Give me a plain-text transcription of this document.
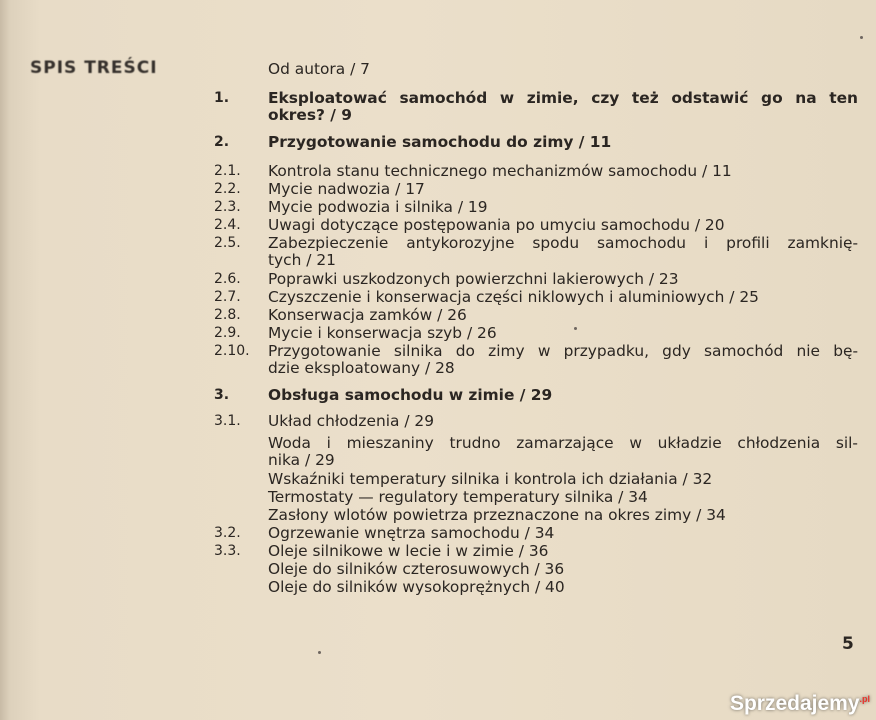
SPIS TREŚCI	Od autora / 7
1.	Eksploatować samochód w zimie, czy też odstawić go na ten
okres? / 9
2.	Przygotowanie samochodu do zimy / 11
2.1.	Kontrola stanu technicznego mechanizmów samochodu / 11
2.2.	Mycie nadwozia / 17
2.3.	Mycie podwozia i silnika / 19
2.4.	Uwagi dotyczące postępowania po umyciu samochodu / 20
2.5.	Zabezpieczenie antykorozyjne spodu samochodu i profili zamknię-
tych / 21
2.6.	Poprawki uszkodzonych powierzchni lakierowych / 23
2.7.	Czyszczenie i konserwacja części niklowych i aluminiowych / 25
2.8.	Konserwacja zamków / 26
2.9.	Mycie i konserwacja szyb / 26
2.10.	Przygotowanie silnika do zimy w przypadku, gdy samochód nie bę-
dzie eksploatowany / 28
3.	Obsługa samochodu w zimie / 29
3.1.	Układ chłodzenia / 29
Woda i mieszaniny trudno zamarzające w układzie chłodzenia sil-
nika / 29
Wskaźniki temperatury silnika i kontrola ich działania / 32
Termostaty — regulatory temperatury silnika / 34
Zasłony wlotów powietrza przeznaczone na okres zimy / 34
3.2.	Ogrzewanie wnętrza samochodu / 34
3.3.	Oleje silnikowe w lecie i w zimie / 36
Oleje do silników czterosuwowych / 36
Oleje do silników wysokoprężnych / 40
5
Sprzedajemy$^{.pl}$
